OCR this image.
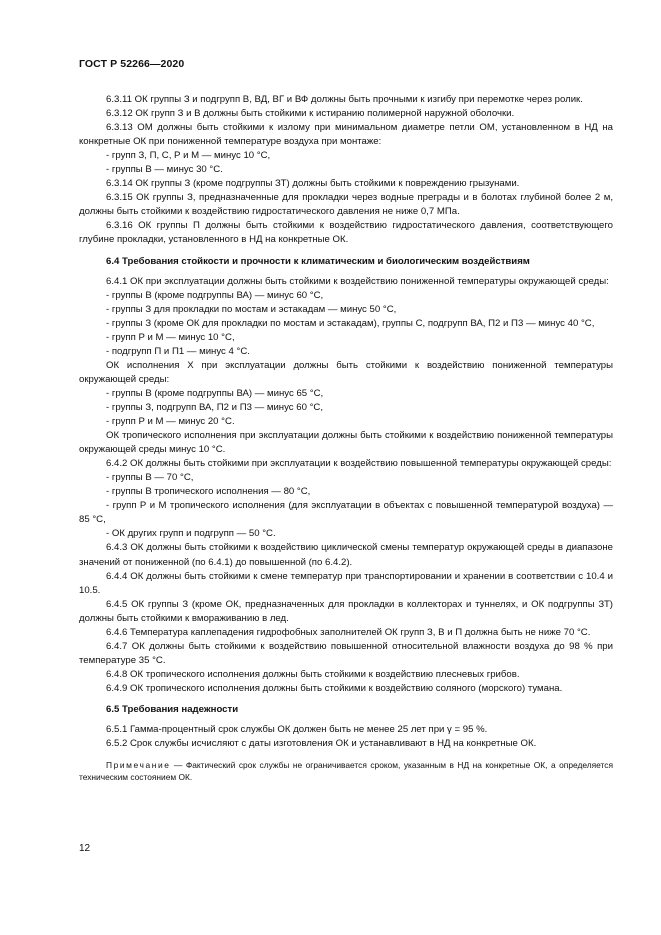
ГОСТ Р 52266—2020

6.3.11 ОК группы З и подгрупп В, ВД, ВГ и ВФ должны быть прочными к изгибу при перемотке через ролик.

6.3.12 ОК групп З и В должны быть стойкими к истиранию полимерной наружной оболочки.

6.3.13 ОМ должны быть стойкими к излому при минимальном диаметре петли ОМ, установленном в НД на конкретные ОК при пониженной температуре воздуха при монтаже:

- групп З, П, С, Р и М — минус 10 °С,

- группы В — минус 30 °С.

6.3.14 ОК группы З (кроме подгруппы ЗТ) должны быть стойкими к повреждению грызунами.

6.3.15 ОК группы З, предназначенные для прокладки через водные преграды и в болотах глубиной более 2 м, должны быть стойкими к воздействию гидростатического давления не ниже 0,7 МПа.

6.3.16 ОК группы П должны быть стойкими к воздействию гидростатического давления, соответствующего глубине прокладки, установленного в НД на конкретные ОК.

6.4 Требования стойкости и прочности к климатическим и биологическим воздействиям

6.4.1 ОК при эксплуатации должны быть стойкими к воздействию пониженной температуры окружающей среды:

- группы В (кроме подгруппы ВА) — минус 60 °С,

- группы З для прокладки по мостам и эстакадам — минус 50 °С,

- группы З (кроме ОК для прокладки по мостам и эстакадам), группы С, подгрупп ВА, П2 и П3 — минус 40 °С,

- групп Р и М — минус 10 °С,

- подгрупп П и П1 — минус 4 °С.

ОК исполнения Х при эксплуатации должны быть стойкими к воздействию пониженной температуры окружающей среды:

- группы В (кроме подгруппы ВА) — минус 65 °С,

- группы З, подгрупп ВА, П2 и П3 — минус 60 °С,

- групп Р и М — минус 20 °С.

ОК тропического исполнения при эксплуатации должны быть стойкими к воздействию пониженной температуры окружающей среды минус 10 °С.

6.4.2 ОК должны быть стойкими при эксплуатации к воздействию повышенной температуры окружающей среды:

- группы В — 70 °С,

- группы В тропического исполнения — 80 °С,

- групп Р и М тропического исполнения (для эксплуатации в объектах с повышенной температурой воздуха) — 85 °С,

- ОК других групп и подгрупп — 50 °С.

6.4.3 ОК должны быть стойкими к воздействию циклической смены температур окружающей среды в диапазоне значений от пониженной (по 6.4.1) до повышенной (по 6.4.2).

6.4.4 ОК должны быть стойкими к смене температур при транспортировании и хранении в соответствии с 10.4 и 10.5.

6.4.5 ОК группы З (кроме ОК, предназначенных для прокладки в коллекторах и туннелях, и ОК подгруппы ЗТ) должны быть стойкими к вмораживанию в лед.

6.4.6 Температура каплепадения гидрофобных заполнителей ОК групп З, В и П должна быть не ниже 70 °С.

6.4.7 ОК должны быть стойкими к воздействию повышенной относительной влажности воздуха до 98 % при температуре 35 °С.

6.4.8 ОК тропического исполнения должны быть стойкими к воздействию плесневых грибов.

6.4.9 ОК тропического исполнения должны быть стойкими к воздействию соляного (морского) тумана.

6.5 Требования надежности

6.5.1 Гамма-процентный срок службы ОК должен быть не менее 25 лет при γ = 95 %.

6.5.2 Срок службы исчисляют с даты изготовления ОК и устанавливают в НД на конкретные ОК.

Примечание — Фактический срок службы не ограничивается сроком, указанным в НД на конкретные ОК, а определяется техническим состоянием ОК.

12
